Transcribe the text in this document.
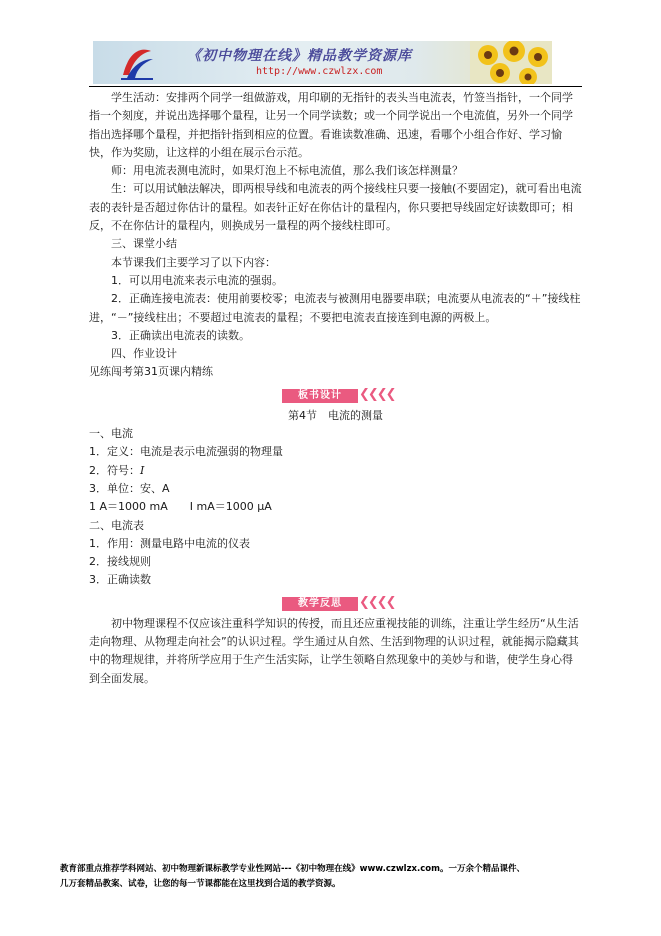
《初中物理在线》精品教学资源库
http://www.czwlzx.com

学生活动：安排两个同学一组做游戏，用印刷的无指针的表头当电流表，竹签当指针，一个同学指一个刻度，并说出选择哪个量程，让另一个同学读数；或一个同学说出一个电流值，另外一个同学指出选择哪个量程，并把指针指到相应的位置。看谁读数准确、迅速，看哪个小组合作好、学习愉快，作为奖励，让这样的小组在展示台示范。

师：用电流表测电流时，如果灯泡上不标电流值，那么我们该怎样测量？

生：可以用试触法解决，即两根导线和电流表的两个接线柱只要一接触(不要固定)，就可看出电流表的表针是否超过你估计的量程。如表针正好在你估计的量程内，你只要把导线固定好读数即可；相反，不在你估计的量程内，则换成另一量程的两个接线柱即可。

三、课堂小结

本节课我们主要学习了以下内容：

1．可以用电流来表示电流的强弱。

2．正确连接电流表：使用前要校零；电流表与被测用电器要串联；电流要从电流表的“＋”接线柱进，“－”接线柱出；不要超过电流表的量程；不要把电流表直接连到电源的两极上。

3．正确读出电流表的读数。

四、作业设计

见练闯考第31页课内精练

板书设计	❮❮❮❮

第4节　电流的测量

一、电流

1．定义：电流是表示电流强弱的物理量

2．符号：I

3．单位：安、A

1 A＝1000 mA　　I mA＝1000 μA

二、电流表

1．作用：测量电路中电流的仪表

2．接线规则

3．正确读数

教学反思	❮❮❮❮

初中物理课程不仅应该注重科学知识的传授，而且还应重视技能的训练，注重让学生经历“从生活走向物理、从物理走向社会”的认识过程。学生通过从自然、生活到物理的认识过程，就能揭示隐藏其中的物理规律，并将所学应用于生产生活实际，让学生领略自然现象中的美妙与和谐，使学生身心得到全面发展。

教育部重点推荐学科网站、初中物理新课标教学专业性网站---《初中物理在线》www.czwlzx.com。一万余个精品课件、
几万套精品教案、试卷，让您的每一节课都能在这里找到合适的教学资源。
